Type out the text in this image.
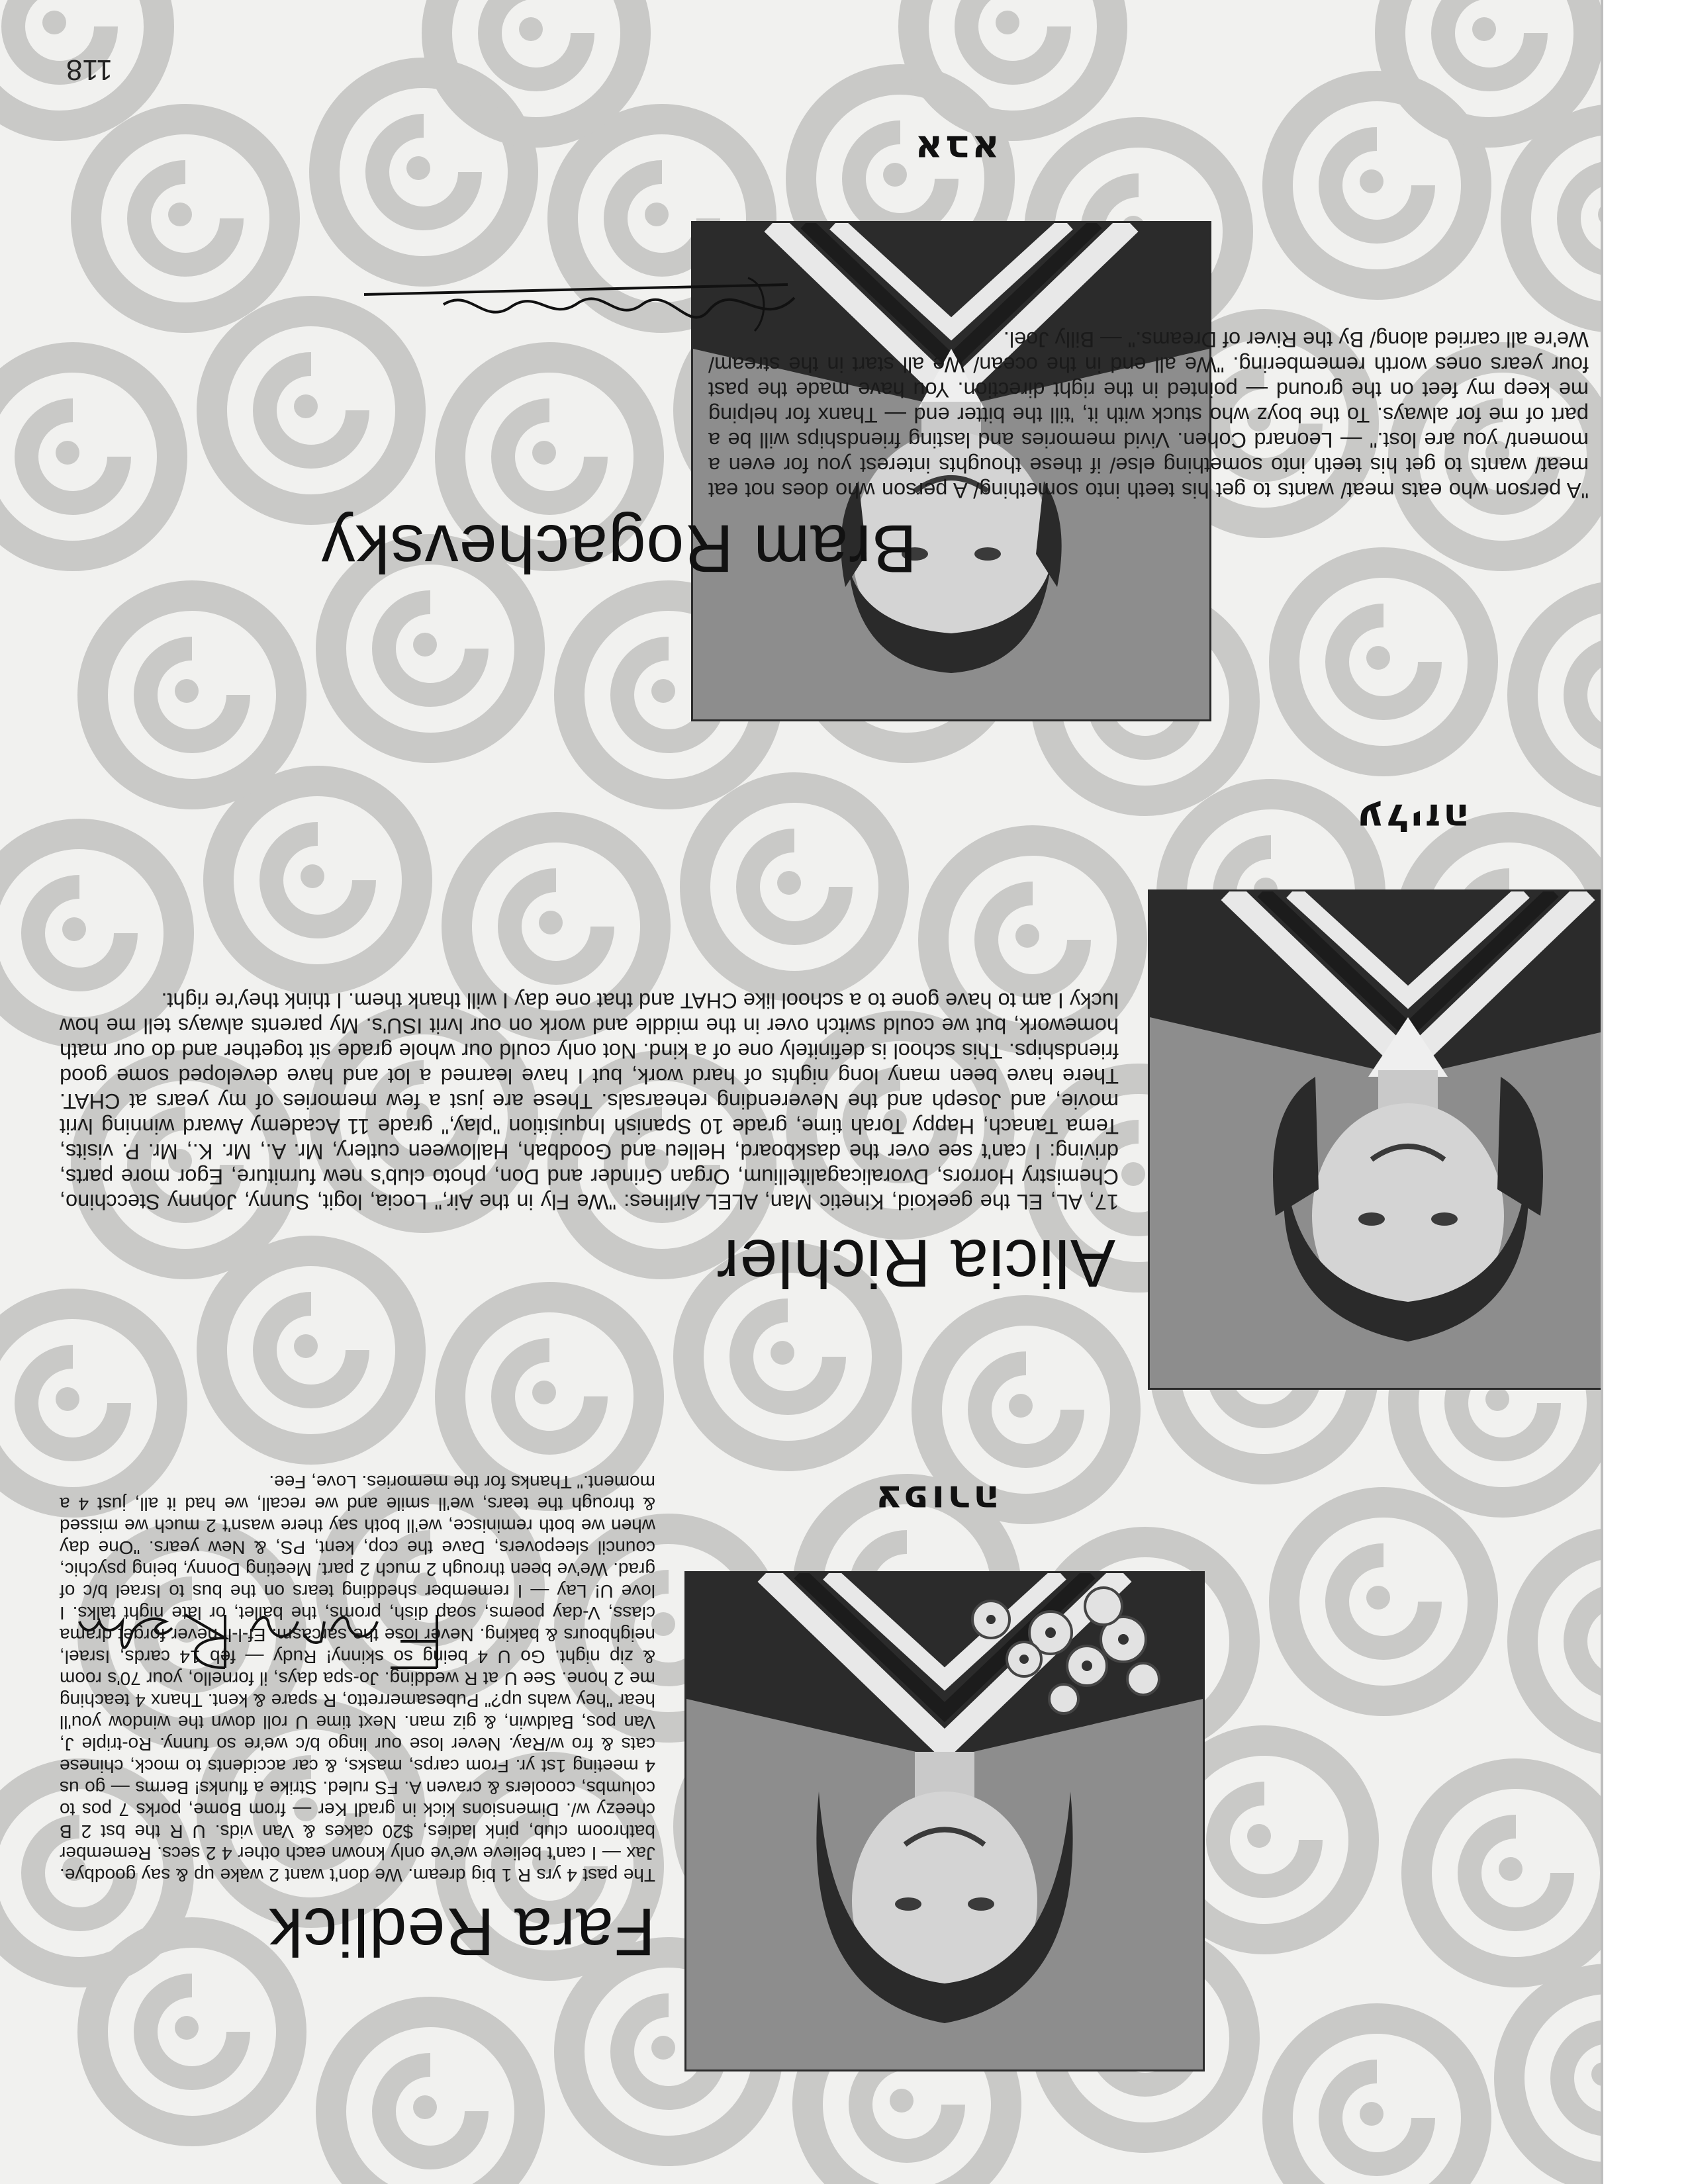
אבא
Bram Rogachevsky

"A person who eats meat/ wants to get his teeth into something/ A person who does not eat meat/ wants to get his teeth into something else/ if these thoughts interest you for even a moment/ you are lost." — Leonard Cohen. Vivid memories and lasting friendships will be a part of me for always. To the boyz who stuck with it, 'till the bitter end — Thanx for helping me keep my feet on the ground — pointed in the right direction. You have made the past four years ones worth remembering. "We all end in the ocean/ We all start in the stream/ We're all carried along/ By the River of Dreams." — Billy Joel.

עליזה
Alicia Richler

17, AL, EL the geekoid, Kinetic Man, ALEL Airlines: "We Fly in the Air," Locia, logit, Sunny, Johnny Stecchino, Chemistry Horrors, Dvoralicagalitellium, Organ Grinder and Don, photo club's new furniture, Egor more parts, driving: I can't see over the daskboard, Helleu and Goodbah, Halloween cutlery, Mr. A., Mr. K., Mr. P. visits, Tema Tanach, Happy Torah time, grade 10 Spanish Inquisition "play," grade 11 Academy Award winning lvrit movie, and Joseph and the Neverending rehearsals. These are just a few memories of my years at CHAT. There have been many long nights of hard work, but I have learned a lot and have developed some good friendships. This school is definitely one of a kind. Not only could our whole grade sit together and do our math homework, but we could switch over in the middle and work on our lvrit ISU's. My parents always tell me how lucky I am to have gone to a school like CHAT and that one day I will thank them. I think they're right.

צפורה
Fara Redlick

The past 4 yrs R 1 big dream. We don't want 2 wake up & say goodbye. Jax — I can't believe we've only known each other 4 2 secs. Remember bathroom club, pink ladies, $20 cakes & Van vids. U R the bst 2 B cheezy w/. Dimensions kick in gradl Ker — from Bome, porks 7 pos to columbs, cooolers & craven A. FS ruled. Strike a flunks! Berms — go us 4 meeting 1st yr. From carps, masks, & car accidents to mock, chinese cats & fro w/Ray. Never lose our lingo b/c we're so funny. Ro-triple J, Van pos, Baldwin, & giz man. Next time U roll down the window you'll hear "hey wahs up?" Pubesamerretto, R spare & kent. Thanx 4 teaching me 2 hone. See U at R wedding. Jo-spa days, il fornello, your 70's room & zip night. Go U 4 being so skinny! Rudy — feb 14 cards, Israel, neighbours & baking. Never lose the sarcasm. Ef-l-ll never forget drama class, V-day poems, soap dish, proms, the ballet, or late night talks. I love U! Lay — I remember shedding tears on the bus to Israel b/c of grad. We've been through 2 much 2 part. Meeting Donny, being psychic, council sleepovers, Dave the cop, kent, PS, & New years. "One day when we both reminisce, we'll both say there wasn't 2 much we missed & through the tears, we'll smile and we recall, we had it all, just 4 a moment." Thanks for the memories. Love, Fee.

118
